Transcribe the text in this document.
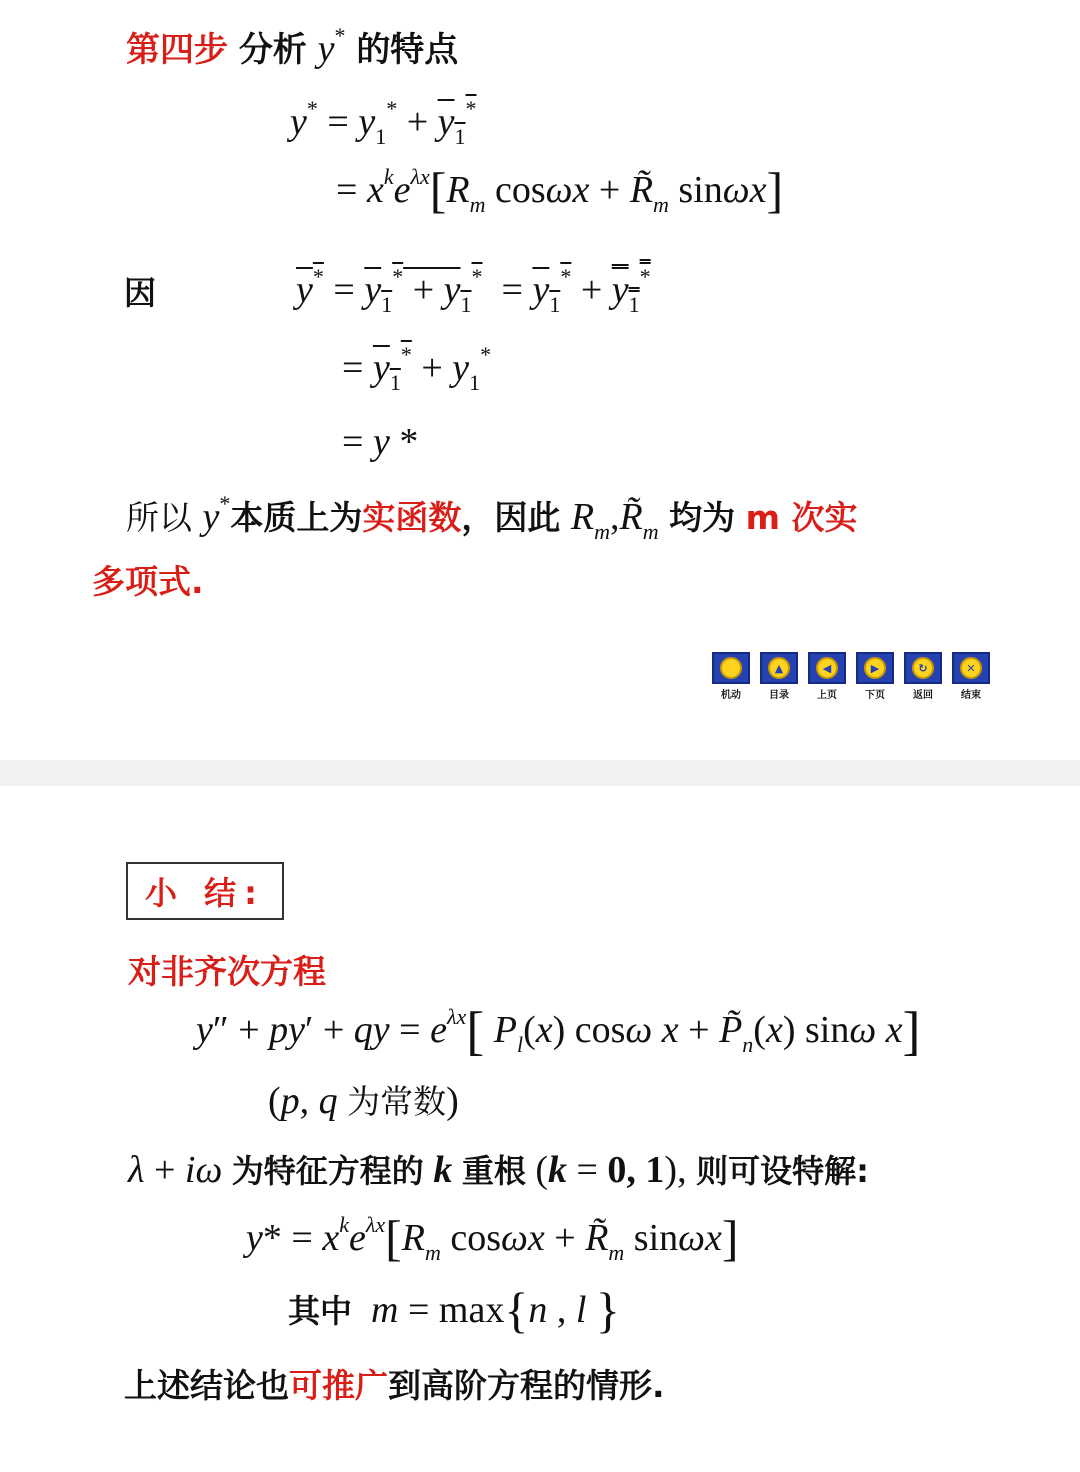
第四步 分析 y* 的特点
$y^* = y_1^* + y_1^*$
= $x^ke^{\lambda x}[R_m$ $\cos\omega x + R̃_m$ sinωx]
因	$y^* = y_1^* + y_1^* = y_1^* + y_1^*$
= $y_1^* + y_1^*$
= y *
所以 y*本质上为实函数，因此 $R_m,R̃_m$ 均为 m 次实
多项式.
机动
▲
目录
◀
上页
▶
下页
↻
返回
✕
结束
小 结:
对非齐次方程
y″ + py′ + qy = $e^{\lambda x}$[ $P_l(x)$ cosω $x + P̃_n(x)$ sinω x]
(p, q 为常数)
λ + iω 为特征方程的 k 重根 (k = 0, 1), 则可设特解:
$y* = x^ke^{\lambda x}[R_m$ $\cos\omega x + R̃_m$ sinωx]
其中 m = max{n , l }
上述结论也可推广到高阶方程的情形.
